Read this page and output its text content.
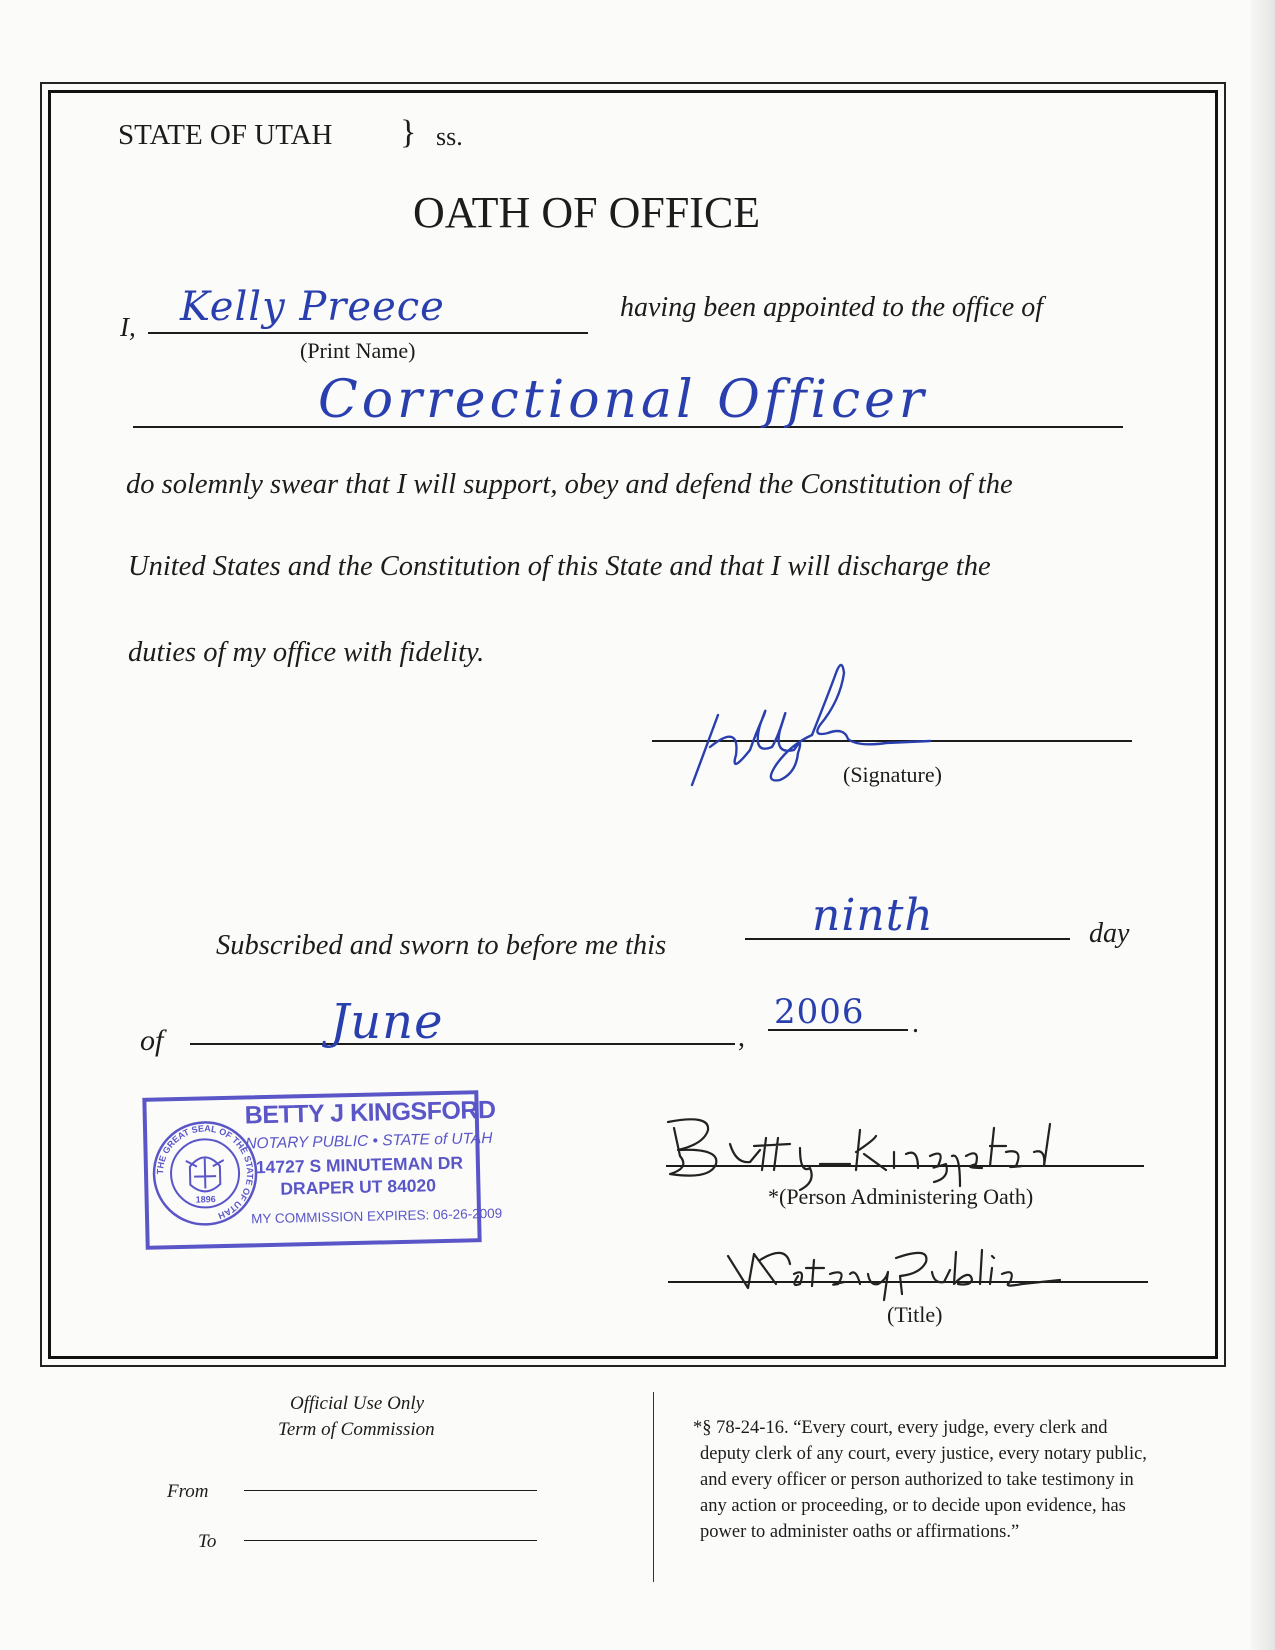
STATE OF UTAH } ss.
OATH OF OFFICE
I, Kelly Preece
(Print Name)
having been appointed to the office of
Correctional Officer
do solemnly swear that I will support, obey and defend the Constitution of the
United States and the Constitution of this State and that I will discharge the
duties of my office with fidelity.
(Signature)
Subscribed and sworn to before me this
ninth	day
of	June	,
2006 .
THE GREAT SEAL OF THE STATE OF UTAH
1896
BETTY J KINGSFORD
NOTARY PUBLIC • STATE of UTAH
14727 S MINUTEMAN DR
DRAPER UT 84020
MY COMMISSION EXPIRES: 06-26-2009
*(Person Administering Oath)
(Title)
Official Use Only
Term of Commission
From
To
*§ 78-24-16. “Every court, every judge, every clerk and
deputy clerk of any court, every justice, every notary public,
and every officer or person authorized to take testimony in
any action or proceeding, or to decide upon evidence, has
power to administer oaths or affirmations.”
